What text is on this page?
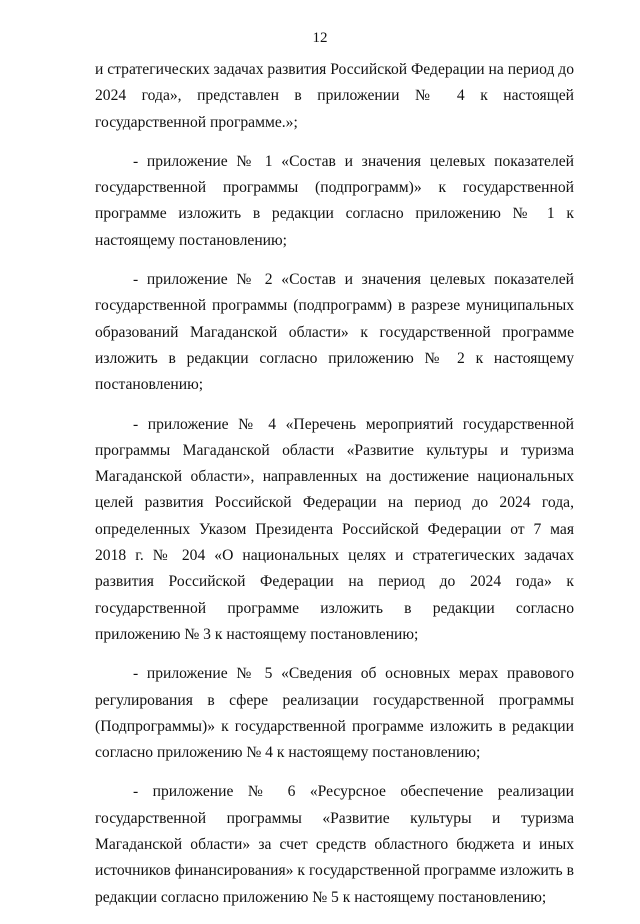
12

и стратегических задачах развития Российской Федерации на период до 2024 года», представлен в приложении № 4 к настоящей государственной программе.»;

- приложение № 1 «Состав и значения целевых показателей государственной программы (подпрограмм)» к государственной программе изложить в редакции согласно приложению № 1 к настоящему постановлению;

- приложение № 2 «Состав и значения целевых показателей государственной программы (подпрограмм) в разрезе муниципальных образований Магаданской области» к государственной программе изложить в редакции согласно приложению № 2 к настоящему постановлению;

- приложение № 4 «Перечень мероприятий государственной программы Магаданской области «Развитие культуры и туризма Магаданской области», направленных на достижение национальных целей развития Российской Федерации на период до 2024 года, определенных Указом Президента Российской Федерации от 7 мая 2018 г. № 204 «О национальных целях и стратегических задачах развития Российской Федерации на период до 2024 года» к государственной программе изложить в редакции согласно приложению № 3 к настоящему постановлению;

- приложение № 5 «Сведения об основных мерах правового регулирования в сфере реализации государственной программы (Подпрограммы)» к государственной программе изложить в редакции согласно приложению № 4 к настоящему постановлению;

- приложение № 6 «Ресурсное обеспечение реализации государственной программы «Развитие культуры и туризма Магаданской области» за счет средств областного бюджета и иных источников финансирования» к государственной программе изложить в редакции согласно приложению № 5 к настоящему постановлению;
